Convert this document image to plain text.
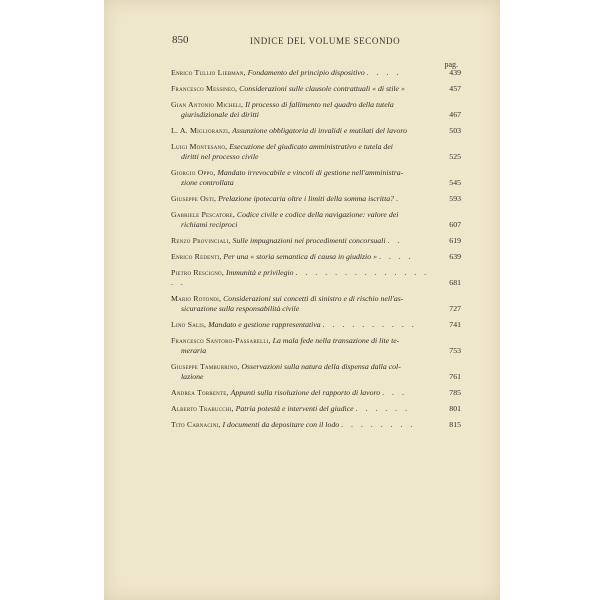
850	INDICE DEL VOLUME SECONDO
pag.
Enrico Tullio Liebman, Fondamento del principio dispositivo . . . .	439
Francesco Messineo, Considerazioni sulle clausole contrattuali « di stile »	457
Gian Antonio Micheli, Il processo di fallimento nel quadro della tutela
giurisdizionale dei diritti	467
L. A. Miglioranzi, Assunzione obbligatoria di invalidi e mutilati del lavoro	503
Luigi Montesano, Esecuzione del giudicato amministrativo e tutela dei
diritti nel processo civile	525
Giorgio Oppo, Mandato irrevocabile e vincoli di gestione nell'amministra-
zione controllata	545
Giuseppe Osti, Prelazione ipotecaria oltre i limiti della somma iscritta? .	593
Gabriele Pescatore, Codice civile e codice della navigazione: valore dei
richiami reciproci	607
Renzo Provinciali, Sulle impugnazioni nei procedimenti concorsuali . .	619
Enrico Redenti, Per una « storia semantica di causa in giudizio » . . . .	639
Pietro Rescigno, Immunità e privilegio . . . . . . . . . . . . . . . .	681
Mario Rotondi, Considerazioni sui concetti di sinistro e di rischio nell'as-
sicurazione sulla responsabilità civile	727
Lino Salis, Mandato e gestione rappresentativa . . . . . . . . . .	741
Francesco Santoro-Passarelli, La mala fede nella transazione di lite te-
meraria	753
Giuseppe Tamburrino, Osservazioni sulla natura della dispensa dalla col-
lazione	761
Andrea Torrente, Appunti sulla risoluzione del rapporto di lavoro . . .	785
Alberto Trabucchi, Patria potestà e interventi del giudice . . . . . .	801
Tito Carnacini, I documenti da depositare con il lodo . . . . . . . .	815
